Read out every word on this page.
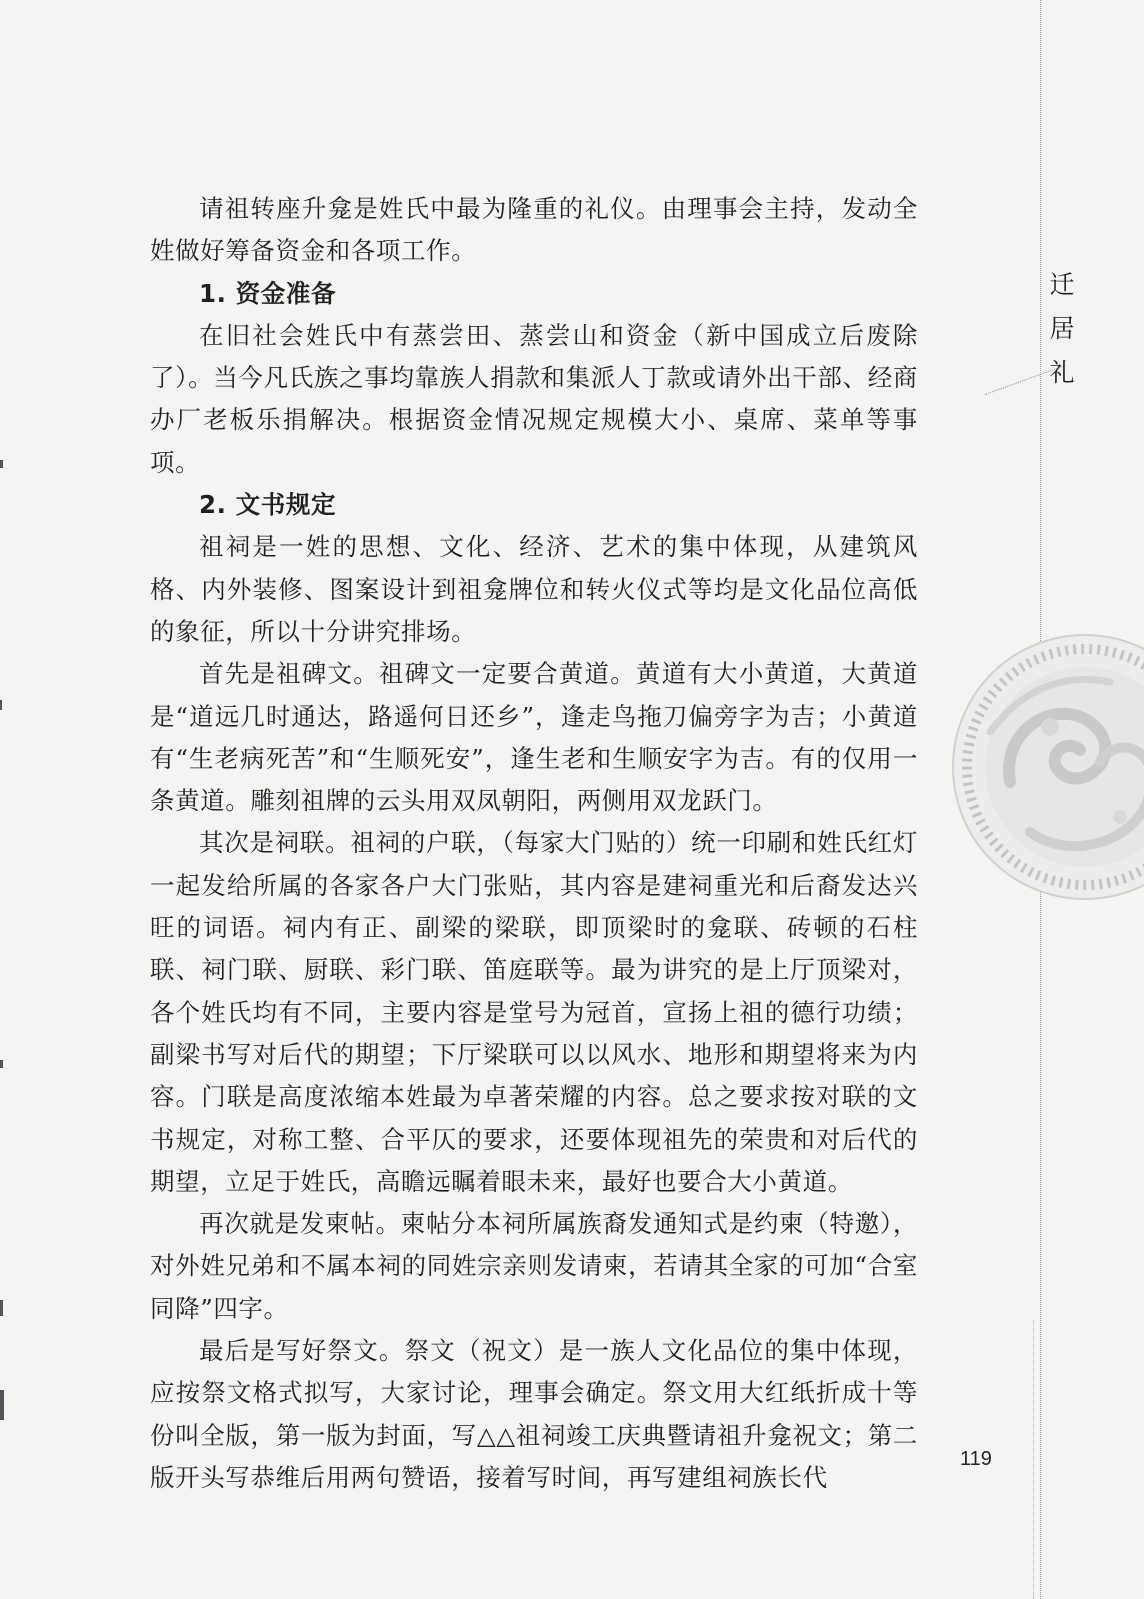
迁
居
礼

请祖转座升龛是姓氏中最为隆重的礼仪。由理事会主持，发动全姓做好筹备资金和各项工作。

1. 资金准备

在旧社会姓氏中有蒸尝田、蒸尝山和资金（新中国成立后废除了）。当今凡氏族之事均靠族人捐款和集派人丁款或请外出干部、经商办厂老板乐捐解决。根据资金情况规定规模大小、桌席、菜单等事项。

2. 文书规定

祖祠是一姓的思想、文化、经济、艺术的集中体现，从建筑风格、内外装修、图案设计到祖龛牌位和转火仪式等均是文化品位高低的象征，所以十分讲究排场。

首先是祖碑文。祖碑文一定要合黄道。黄道有大小黄道，大黄道是“道远几时通达，路遥何日还乡”，逢走鸟拖刀偏旁字为吉；小黄道有“生老病死苦”和“生顺死安”，逢生老和生顺安字为吉。有的仅用一条黄道。雕刻祖牌的云头用双凤朝阳，两侧用双龙跃门。

其次是祠联。祖祠的户联，（每家大门贴的）统一印刷和姓氏红灯一起发给所属的各家各户大门张贴，其内容是建祠重光和后裔发达兴旺的词语。祠内有正、副梁的梁联，即顶梁时的龛联、砖顿的石柱联、祠门联、厨联、彩门联、笛庭联等。最为讲究的是上厅顶梁对，各个姓氏均有不同，主要内容是堂号为冠首，宣扬上祖的德行功绩；副梁书写对后代的期望；下厅梁联可以以风水、地形和期望将来为内容。门联是高度浓缩本姓最为卓著荣耀的内容。总之要求按对联的文书规定，对称工整、合平仄的要求，还要体现祖先的荣贵和对后代的期望，立足于姓氏，高瞻远瞩着眼未来，最好也要合大小黄道。

再次就是发柬帖。柬帖分本祠所属族裔发通知式是约柬（特邀），对外姓兄弟和不属本祠的同姓宗亲则发请柬，若请其全家的可加“合室同降”四字。

最后是写好祭文。祭文（祝文）是一族人文化品位的集中体现，应按祭文格式拟写，大家讨论，理事会确定。祭文用大红纸折成十等份叫全版，第一版为封面，写△△祖祠竣工庆典暨请祖升龛祝文；第二版开头写恭维后用两句赞语，接着写时间，再写建组祠族长代

119
